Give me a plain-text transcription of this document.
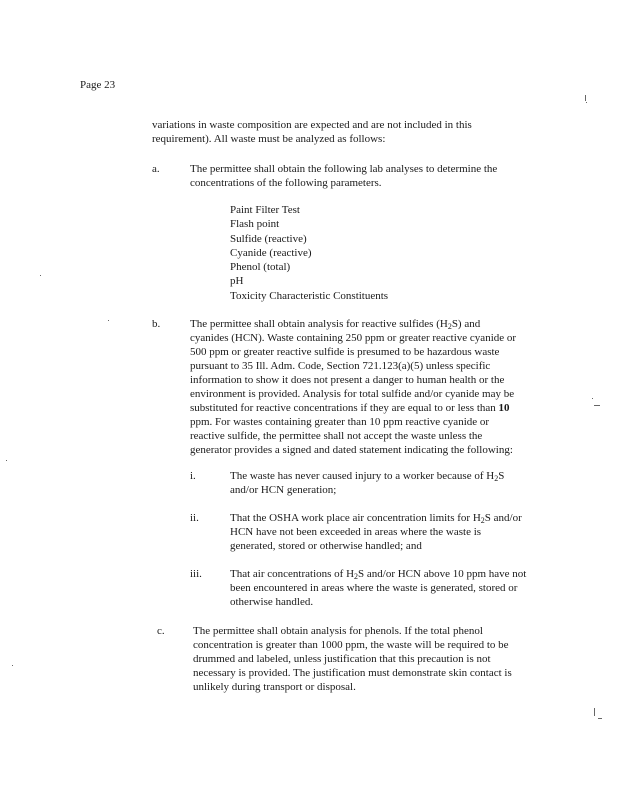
Page 23
variations in waste composition are expected and are not included in this
requirement). All waste must be analyzed as follows:
a.	The permittee shall obtain the following lab analyses to determine the
concentrations of the following parameters.
Paint Filter Test
Flash point
Sulfide (reactive)
Cyanide (reactive)
Phenol (total)
pH
Toxicity Characteristic Constituents
b.	The permittee shall obtain analysis for reactive sulfides $(H_2S)$ and
cyanides (HCN). Waste containing 250 ppm or greater reactive cyanide or
500 ppm or greater reactive sulfide is presumed to be hazardous waste
pursuant to 35 Ill. Adm. Code, Section 721.123(a)(5) unless specific
information to show it does not present a danger to human health or the
environment is provided. Analysis for total sulfide and/or cyanide may be
substituted for reactive concentrations if they are equal to or less than 10
ppm. For wastes containing greater than 10 ppm reactive cyanide or
reactive sulfide, the permittee shall not accept the waste unless the
generator provides a signed and dated statement indicating the following:
i.	The waste has never caused injury to a worker because of $H_2S$
and/or HCN generation;
ii.	That the OSHA work place air concentration limits for $H_2S$ and/or
HCN have not been exceeded in areas where the waste is
generated, stored or otherwise handled; and
iii.	That air concentrations of $H_2S$ and/or HCN above 10 ppm have not
been encountered in areas where the waste is generated, stored or
otherwise handled.
c.	The permittee shall obtain analysis for phenols. If the total phenol
concentration is greater than 1000 ppm, the waste will be required to be
drummed and labeled, unless justification that this precaution is not
necessary is provided. The justification must demonstrate skin contact is
unlikely during transport or disposal.
